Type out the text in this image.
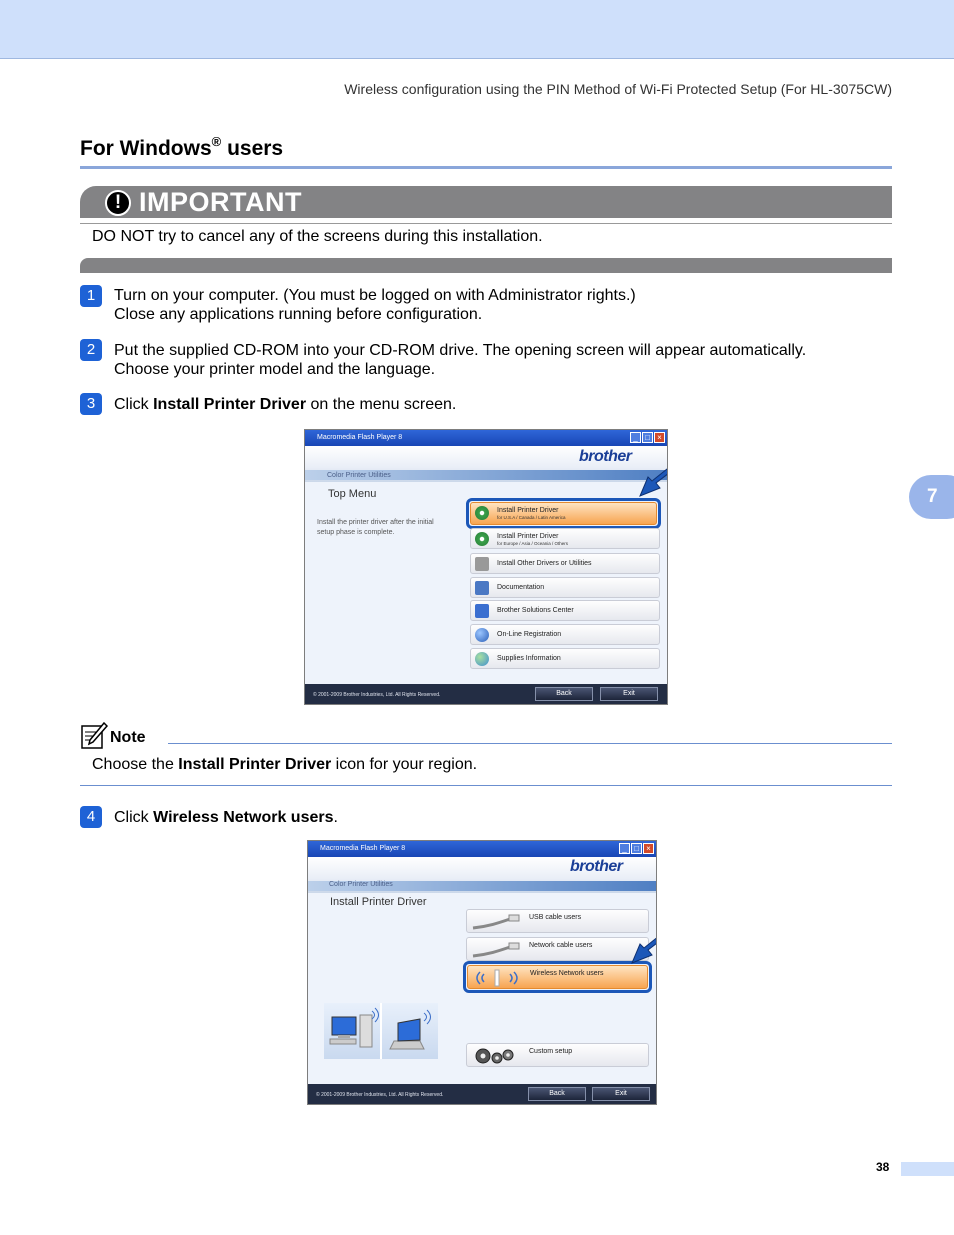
Wireless configuration using the PIN Method of Wi-Fi Protected Setup (For HL-3075CW)
For Windows® users
! IMPORTANT
DO NOT try to cancel any of the screens during this installation.
1	Turn on your computer. (You must be logged on with Administrator rights.)
Close any applications running before configuration.
2	Put the supplied CD-ROM into your CD-ROM drive. The opening screen will appear automatically.
Choose your printer model and the language.
3	Click Install Printer Driver on the menu screen.
7
Macromedia Flash Player 8	_ □ ×
brother
Color Printer Utilities
Top Menu
Install the printer driver after the initial
setup phase is complete.
Install Printer Driver
for U.S.A / Canada / Latin America
Install Printer Driver
for Europe / Asia / Oceania / Others
Install Other Drivers or Utilities
Documentation
Brother Solutions Center
On-Line Registration
Supplies Information
© 2001-2009 Brother Industries, Ltd. All Rights Reserved.	Back	Exit
Note
Choose the Install Printer Driver icon for your region.
4	Click Wireless Network users.
Macromedia Flash Player 8	_ □ ×
brother
Color Printer Utilities
Install Printer Driver
USB cable users
Network cable users
Wireless Network users
Custom setup
© 2001-2009 Brother Industries, Ltd. All Rights Reserved.	Back	Exit
38
